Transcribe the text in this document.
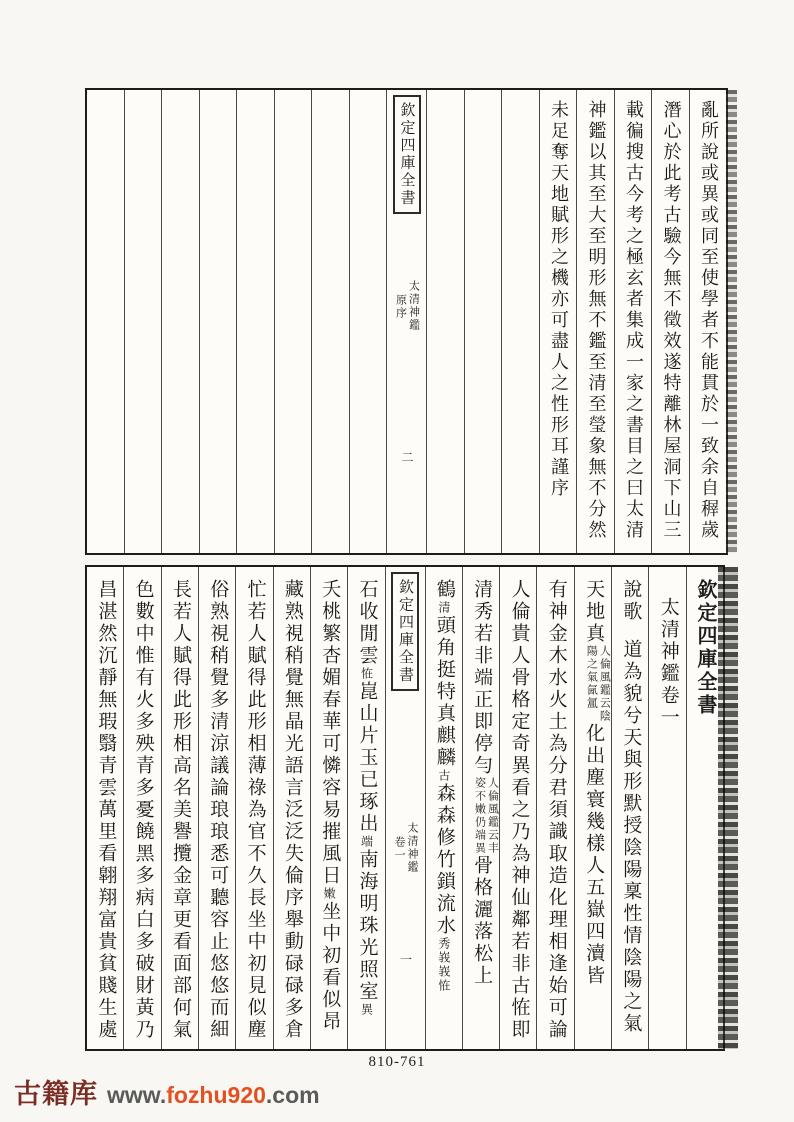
亂所說或異或同至使學者不能貫於一致余自稺歲
潛心於此考古驗今無不徵效遂特離林屋洞下山三
載徧搜古今考之極玄者集成一家之書目之曰太清
神鑑以其至大至明形無不鑑至清至瑩象無不分然
未足奪天地賦形之機亦可盡人之性形耳謹序
欽定四庫全書
太清神鑑
原序
二
欽定四庫全書
太清神鑑卷一
說歌道為貌兮天與形默授陰陽稟性情陰陽之氣
天地真人倫風鑑云陰陽之氣氤氲化出塵寰幾樣人五嶽四瀆皆
有神金木水火土為分君須識取造化理相逢始可論
人倫貴人骨格定奇異看之乃為神仙鄰若非古恠即
清秀若非端正即停勻人倫風鑑云丰姿不嫩仍端異骨格灑落松上
鶴清頭角挺特真麒麟古森森修竹鎖流水秀峩峩恠
欽定四庫全書
太清神鑑
卷一
一
石收閒雲恠崑山片玉已琢出端南海明珠光照室異
夭桃繁杏媚春華可憐容易摧風日嫩坐中初看似昂
藏熟視稍覺無晶光語言泛泛失倫序舉動碌碌多倉
忙若人賦得此形相薄祿為官不久長坐中初見似塵
俗熟視稍覺多清涼議論琅琅悉可聽容止悠悠而細
長若人賦得此形相高名美譽攬金章更看面部何氣
色數中惟有火多殃青多憂饒黑多病白多破財黃乃
昌湛然沉靜無瑕翳青雲萬里看翶翔富貴貧賤生處
810-761
古籍库 www.fozhu920.com
